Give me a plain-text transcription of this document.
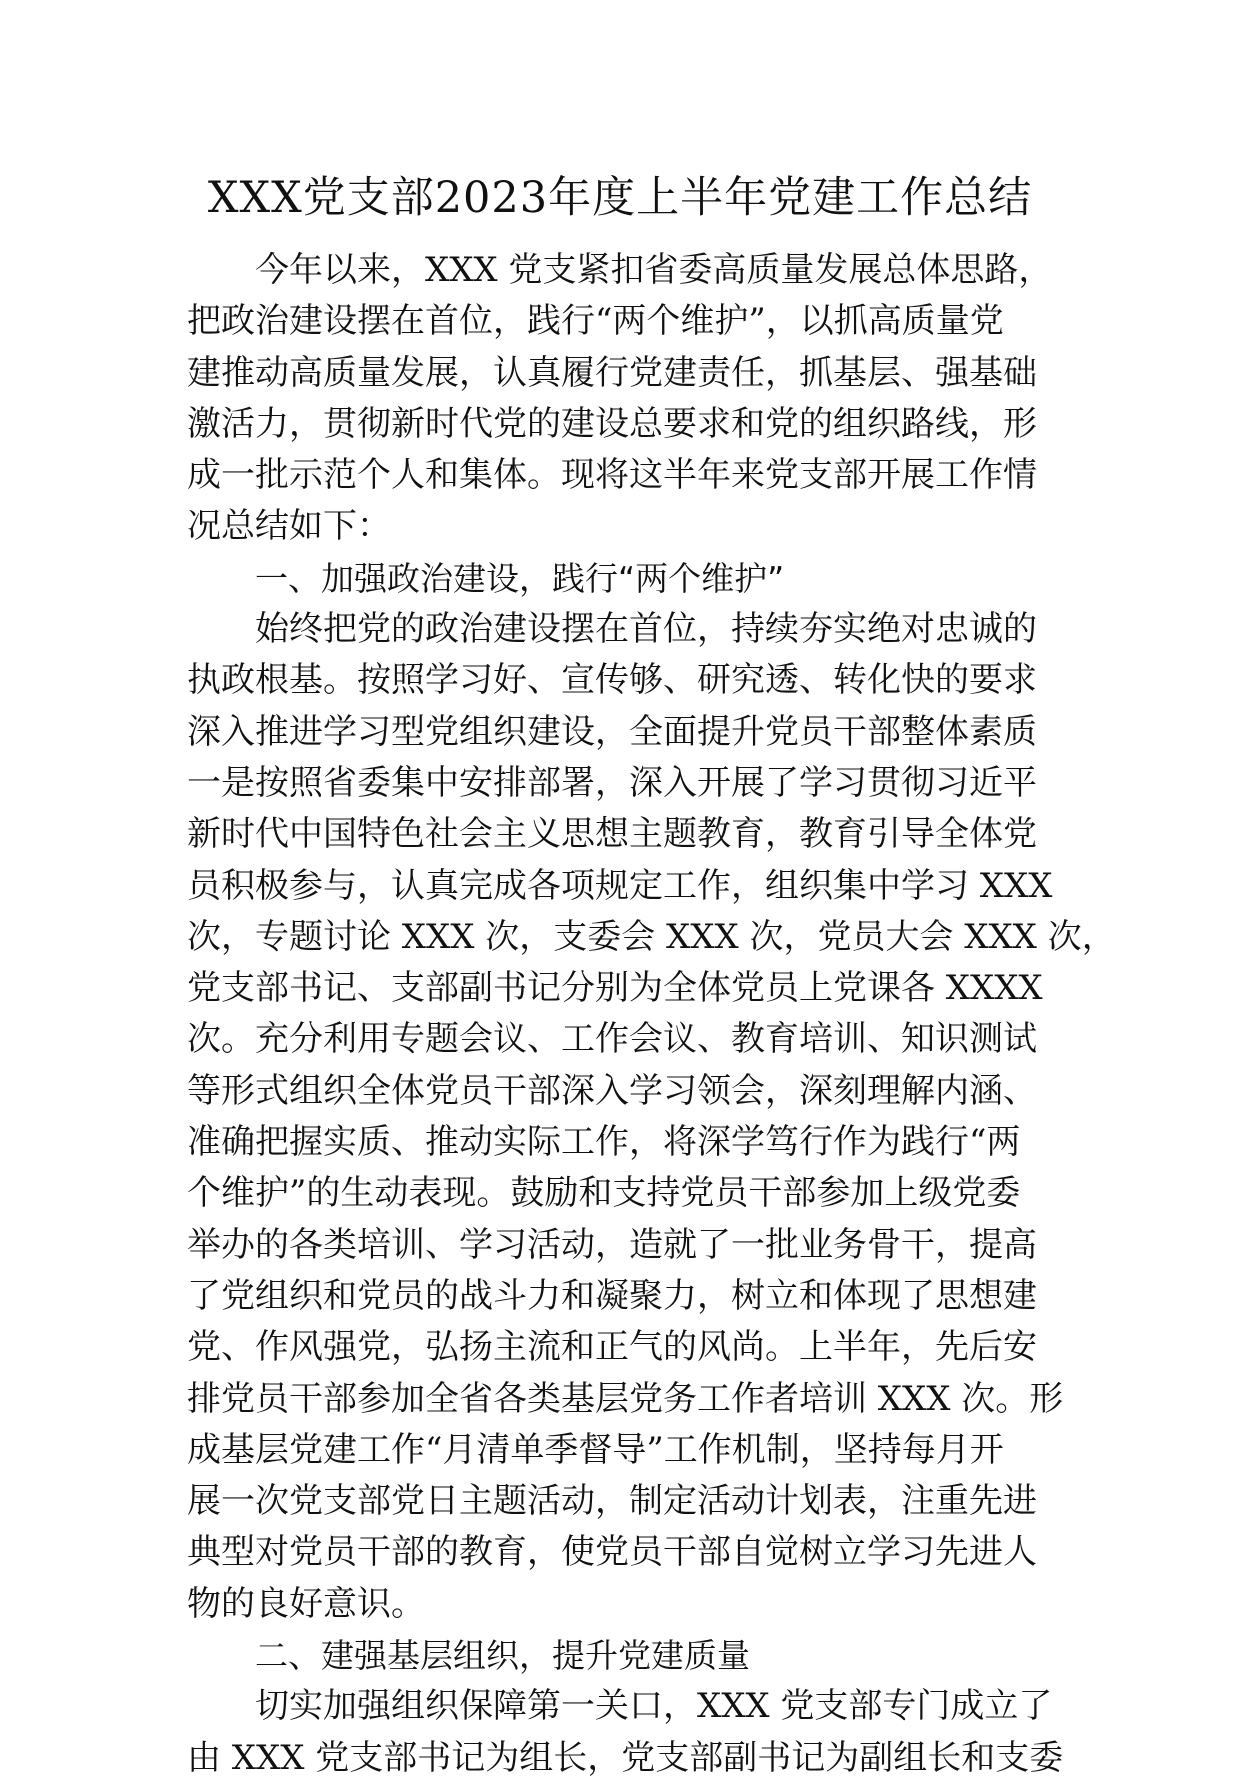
XXX党支部2023年度上半年党建工作总结
今年以来，XXX 党支紧扣省委高质量发展总体思路，
把政治建设摆在首位，践行“两个维护”，以抓高质量党
建推动高质量发展，认真履行党建责任，抓基层、强基础
激活力，贯彻新时代党的建设总要求和党的组织路线，形
成一批示范个人和集体。现将这半年来党支部开展工作情
况总结如下：
一、加强政治建设，践行“两个维护”
始终把党的政治建设摆在首位，持续夯实绝对忠诚的
执政根基。按照学习好、宣传够、研究透、转化快的要求
深入推进学习型党组织建设，全面提升党员干部整体素质
一是按照省委集中安排部署，深入开展了学习贯彻习近平
新时代中国特色社会主义思想主题教育，教育引导全体党
员积极参与，认真完成各项规定工作，组织集中学习 XXX
次，专题讨论 XXX 次，支委会 XXX 次，党员大会 XXX 次，
党支部书记、支部副书记分别为全体党员上党课各 XXXX
次。充分利用专题会议、工作会议、教育培训、知识测试
等形式组织全体党员干部深入学习领会，深刻理解内涵、
准确把握实质、推动实际工作，将深学笃行作为践行“两
个维护”的生动表现。鼓励和支持党员干部参加上级党委
举办的各类培训、学习活动，造就了一批业务骨干，提高
了党组织和党员的战斗力和凝聚力，树立和体现了思想建
党、作风强党，弘扬主流和正气的风尚。上半年，先后安
排党员干部参加全省各类基层党务工作者培训 XXX 次。形
成基层党建工作“月清单季督导”工作机制，坚持每月开
展一次党支部党日主题活动，制定活动计划表，注重先进
典型对党员干部的教育，使党员干部自觉树立学习先进人
物的良好意识。
二、建强基层组织，提升党建质量
切实加强组织保障第一关口，XXX 党支部专门成立了
由 XXX 党支部书记为组长，党支部副书记为副组长和支委
